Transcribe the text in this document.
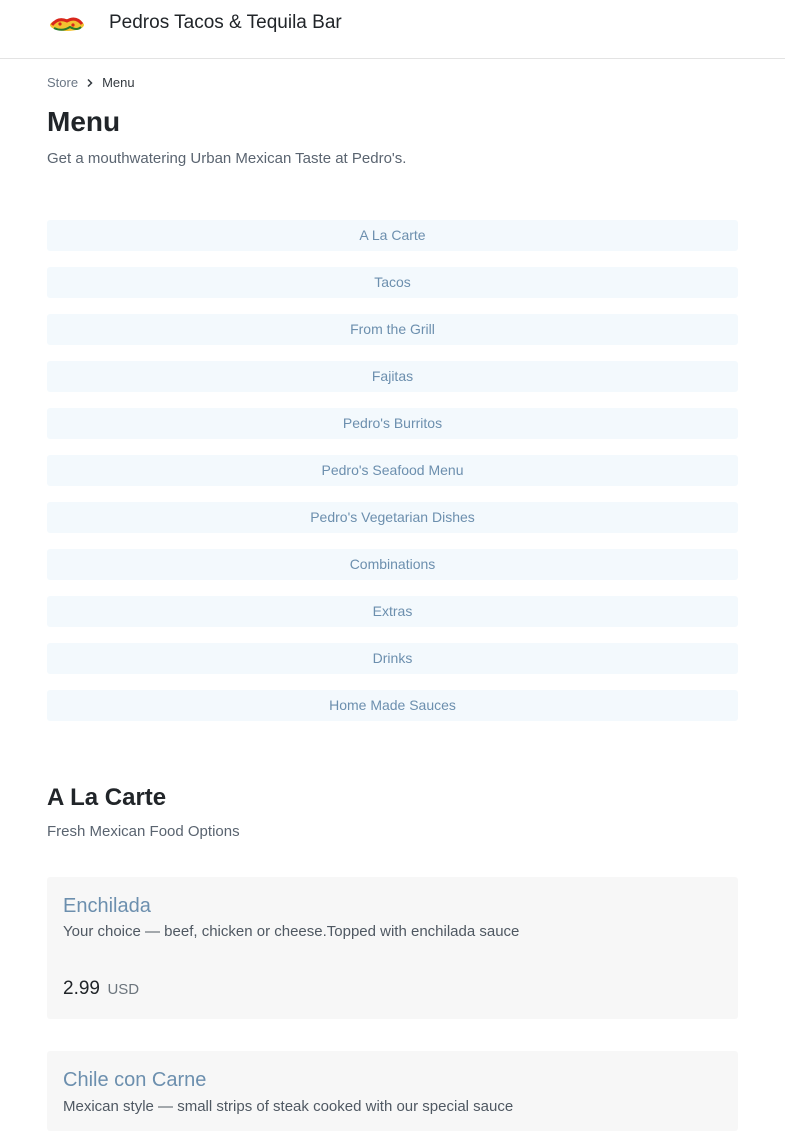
Pedros Tacos & Tequila Bar
Store Menu
Menu

Get a mouthwatering Urban Mexican Taste at Pedro's.

A La Carte
Tacos
From the Grill
Fajitas
Pedro's Burritos
Pedro's Seafood Menu
Pedro's Vegetarian Dishes
Combinations
Extras
Drinks
Home Made Sauces
A La Carte

Fresh Mexican Food Options

Enchilada
Your choice — beef, chicken or cheese.Topped with enchilada sauce
2.99 USD
Chile con Carne
Mexican style — small strips of steak cooked with our special sauce
